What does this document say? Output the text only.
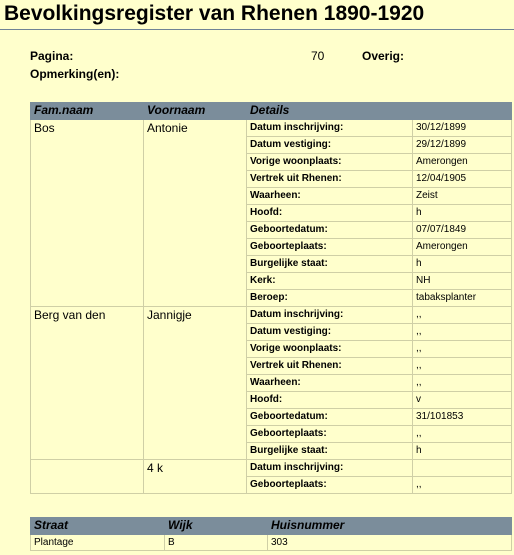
Bevolkingsregister van Rhenen 1890-1920
Pagina:	70	Overig:
Opmerking(en):
Fam.naam	Voornaam	Details	
Bos	Antonie	Datum inschrijving:	30/12/1899
		Datum vestiging:	29/12/1899
		Vorige woonplaats:	Amerongen
		Vertrek uit Rhenen:	12/04/1905
		Waarheen:	Zeist
		Hoofd:	h
		Geboortedatum:	07/07/1849
		Geboorteplaats:	Amerongen
		Burgelijke staat:	h
		Kerk:	NH
		Beroep:	tabaksplanter
Berg van den	Jannigje	Datum inschrijving:	,,
		Datum vestiging:	,,
		Vorige woonplaats:	,,
		Vertrek uit Rhenen:	,,
		Waarheen:	,,
		Hoofd:	v
		Geboortedatum:	31/101853
		Geboorteplaats:	,,
		Burgelijke staat:	h
	4 k	Datum inschrijving:	
		Geboorteplaats:	,,
Straat	Wijk	Huisnummer
Plantage	B	303
